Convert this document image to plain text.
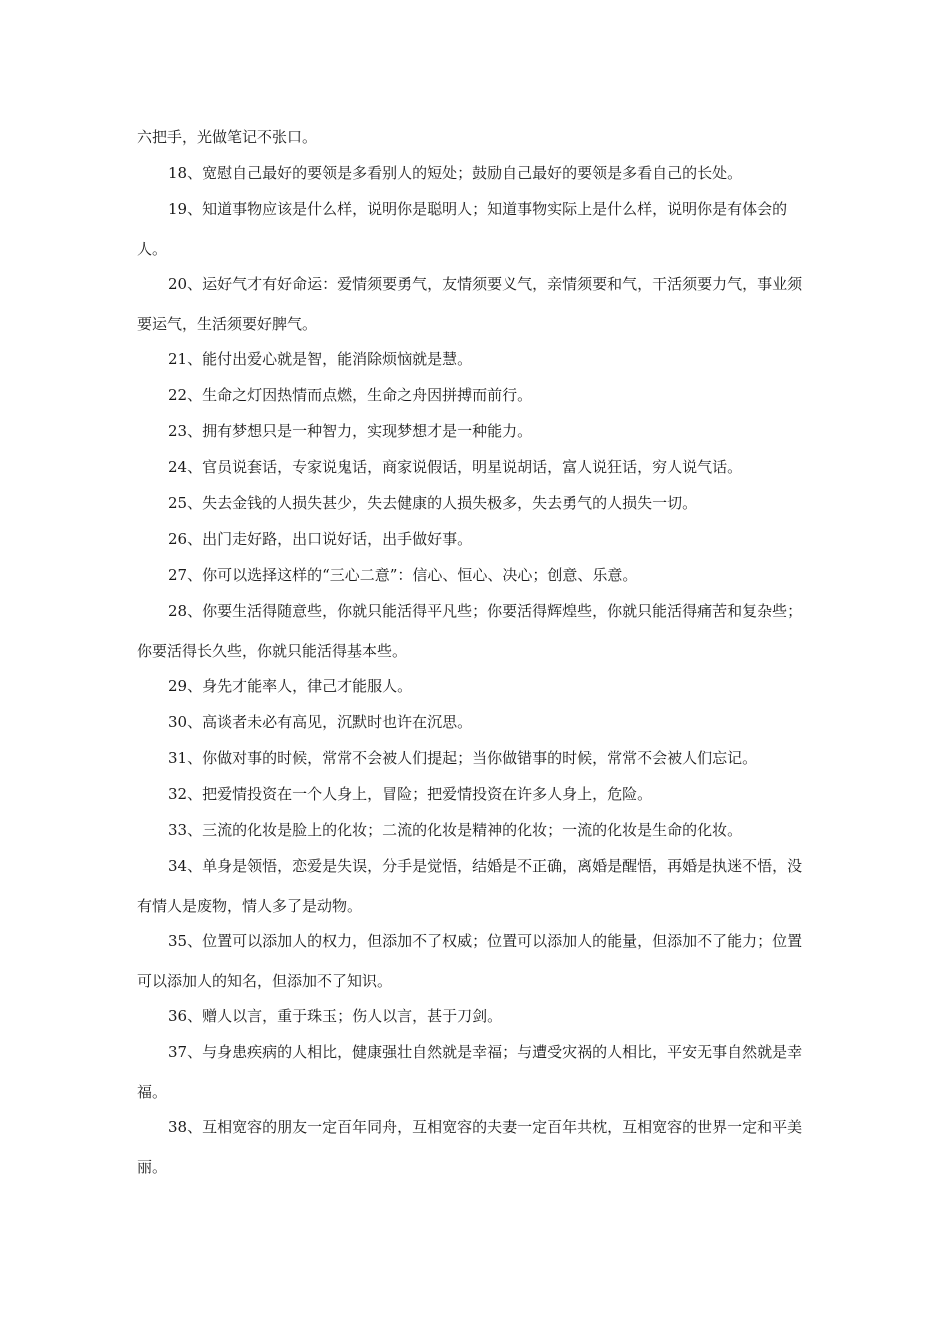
六把手，光做笔记不张口。

18、宽慰自己最好的要领是多看别人的短处；鼓励自己最好的要领是多看自己的长处。

19、知道事物应该是什么样，说明你是聪明人；知道事物实际上是什么样，说明你是有体会的人。

20、运好气才有好命运：爱情须要勇气，友情须要义气，亲情须要和气，干活须要力气，事业须要运气，生活须要好脾气。

21、能付出爱心就是智，能消除烦恼就是慧。

22、生命之灯因热情而点燃，生命之舟因拼搏而前行。

23、拥有梦想只是一种智力，实现梦想才是一种能力。

24、官员说套话，专家说鬼话，商家说假话，明星说胡话，富人说狂话，穷人说气话。

25、失去金钱的人损失甚少，失去健康的人损失极多，失去勇气的人损失一切。

26、出门走好路，出口说好话，出手做好事。

27、你可以选择这样的“三心二意”：信心、恒心、决心；创意、乐意。

28、你要生活得随意些，你就只能活得平凡些；你要活得辉煌些，你就只能活得痛苦和复杂些；你要活得长久些，你就只能活得基本些。

29、身先才能率人，律己才能服人。

30、高谈者未必有高见，沉默时也许在沉思。

31、你做对事的时候，常常不会被人们提起；当你做错事的时候，常常不会被人们忘记。

32、把爱情投资在一个人身上，冒险；把爱情投资在许多人身上，危险。

33、三流的化妆是脸上的化妆；二流的化妆是精神的化妆；一流的化妆是生命的化妆。

34、单身是领悟，恋爱是失误，分手是觉悟，结婚是不正确，离婚是醒悟，再婚是执迷不悟，没有情人是废物，情人多了是动物。

35、位置可以添加人的权力，但添加不了权威；位置可以添加人的能量，但添加不了能力；位置可以添加人的知名，但添加不了知识。

36、赠人以言，重于珠玉；伤人以言，甚于刀剑。

37、与身患疾病的人相比，健康强壮自然就是幸福；与遭受灾祸的人相比，平安无事自然就是幸福。

38、互相宽容的朋友一定百年同舟，互相宽容的夫妻一定百年共枕，互相宽容的世界一定和平美丽。
